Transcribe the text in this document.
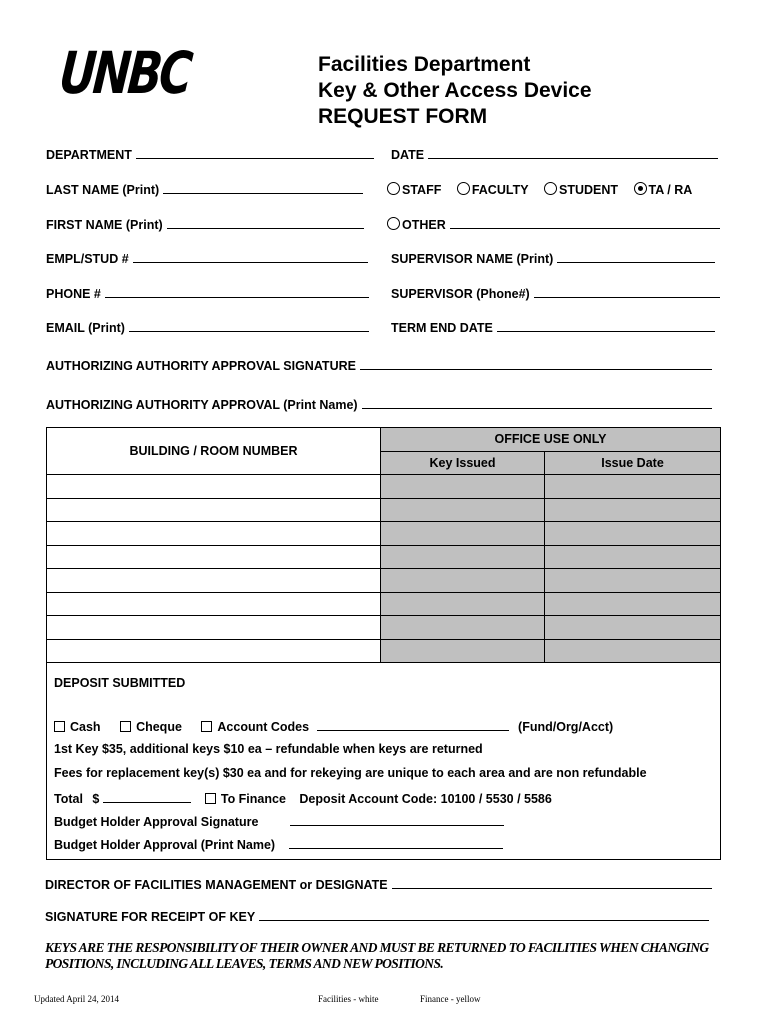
UNBC	Facilities Department
Key & Other Access Device
REQUEST FORM
DEPARTMENT
LAST NAME (Print)
FIRST NAME (Print)
EMPL/STUD #
PHONE #
EMAIL (Print)
DATE
STAFF FACULTY STUDENT TA / RA
OTHER
SUPERVISOR NAME (Print)
SUPERVISOR (Phone#)
TERM END DATE
AUTHORIZING AUTHORITY APPROVAL SIGNATURE
AUTHORIZING AUTHORITY APPROVAL (Print Name)
BUILDING / ROOM NUMBER	OFFICE USE ONLY	
	Key Issued	Issue Date

DEPOSIT SUBMITTED
Cash	Cheque	Account Codes	(Fund/Org/Acct)
1st Key $35, additional keys $10 ea – refundable when keys are returned
Fees for replacement key(s) $30 ea and for rekeying are unique to each area and are non refundable
Total $	To Finance Deposit Account Code: 10100 / 5530 / 5586
Budget Holder Approval Signature
Budget Holder Approval (Print Name)
DIRECTOR OF FACILITIES MANAGEMENT or DESIGNATE
SIGNATURE FOR RECEIPT OF KEY
KEYS ARE THE RESPONSIBILITY OF THEIR OWNER AND MUST BE RETURNED TO FACILITIES WHEN CHANGING POSITIONS, INCLUDING ALL LEAVES, TERMS AND NEW POSITIONS.
Updated April 24, 2014	Facilities - white	Finance - yellow
